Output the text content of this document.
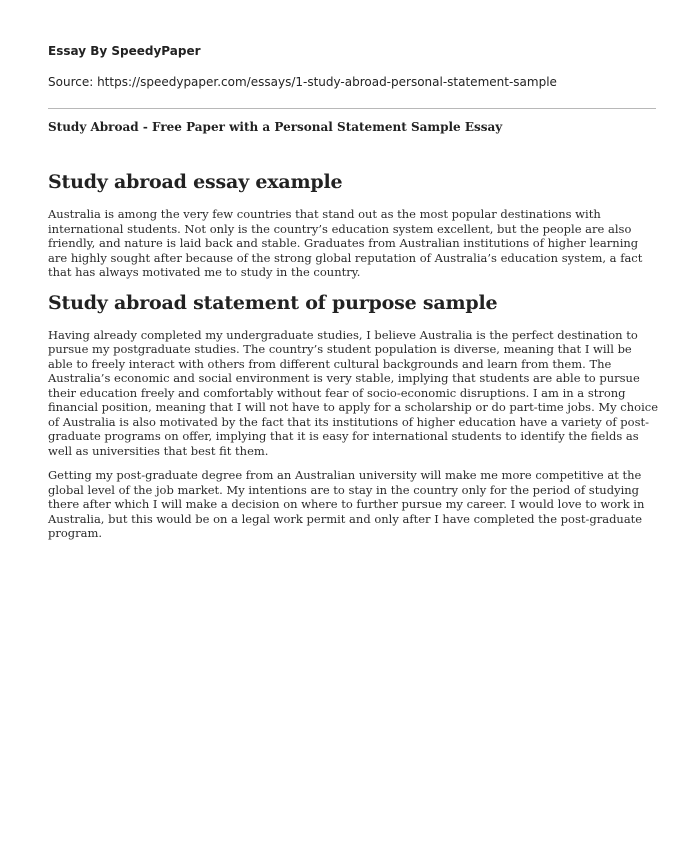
Essay By SpeedyPaper

Source: https://speedypaper.com/essays/1-study-abroad-personal-statement-sample

Study Abroad - Free Paper with a Personal Statement Sample Essay

Study abroad essay example

Australia is among the very few countries that stand out as the most popular destinations with international students. Not only is the country’s education system excellent, but the people are also friendly, and nature is laid back and stable. Graduates from Australian institutions of higher learning are highly sought after because of the strong global reputation of Australia’s education system, a fact that has always motivated me to study in the country.

Study abroad statement of purpose sample

Having already completed my undergraduate studies, I believe Australia is the perfect destination to pursue my postgraduate studies. The country’s student population is diverse, meaning that I will be able to freely interact with others from different cultural backgrounds and learn from them. The Australia’s economic and social environment is very stable, implying that students are able to pursue their education freely and comfortably without fear of socio-economic disruptions. I am in a strong financial position, meaning that I will not have to apply for a scholarship or do part-time jobs. My choice of Australia is also motivated by the fact that its institutions of higher education have a variety of post-graduate programs on offer, implying that it is easy for international students to identify the fields as well as universities that best fit them.

Getting my post-graduate degree from an Australian university will make me more competitive at the global level of the job market. My intentions are to stay in the country only for the period of studying there after which I will make a decision on where to further pursue my career. I would love to work in Australia, but this would be on a legal work permit and only after I have completed the post-graduate program.
